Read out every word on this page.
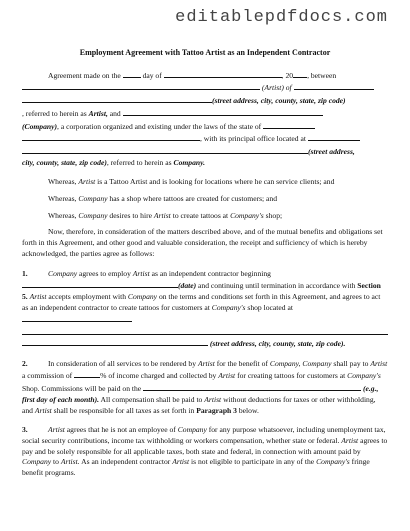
editablepdfdocs.com
Employment Agreement with Tattoo Artist as an Independent Contractor

Agreement made on the	day of	, 20 , between

(Artist) of

(street address, city, county, state, zip code)

, referred to herein as Artist, and

(Company), a corporation organized and existing under the laws of the state of

, with its principal office located at

(street address,

city, county, state, zip code), referred to herein as Company.

Whereas, Artist is a Tattoo Artist and is looking for locations where he can service clients; and

Whereas, Company has a shop where tattoos are created for customers; and

Whereas, Company desires to hire Artist to create tattoos at Company's shop;

Now, therefore, in consideration of the matters described above, and of the mutual benefits and obligations set forth in this Agreement, and other good and valuable consideration, the receipt and sufficiency of which is hereby acknowledged, the parties agree as follows:

1.	Company agrees to employ Artist as an independent contractor beginning (date) and continuing until termination in accordance with Section 5. Artist accepts employment with Company on the terms and conditions set forth in this Agreement, and agrees to act as an independent contractor to create tattoos for customers at Company's shop located at

(street address, city, county, state, zip code).

2.	In consideration of all services to be rendered by Artist for the benefit of Company, Company shall pay to Artist a commission of	% of income charged and collected by Artist for creating tattoos for customers at Company's Shop. Commissions will be paid on the	(e.g., first day of each month). All compensation shall be paid to Artist without deductions for taxes or other withholding, and Artist shall be responsible for all taxes as set forth in Paragraph 3 below.

3.	Artist agrees that he is not an employee of Company for any purpose whatsoever, including unemployment tax, social security contributions, income tax withholding or workers compensation, whether state or federal. Artist agrees to pay and be solely responsible for all applicable taxes, both state and federal, in connection with amount paid by Company to Artist. As an independent contractor Artist is not eligible to participate in any of the Company's fringe benefit programs.
